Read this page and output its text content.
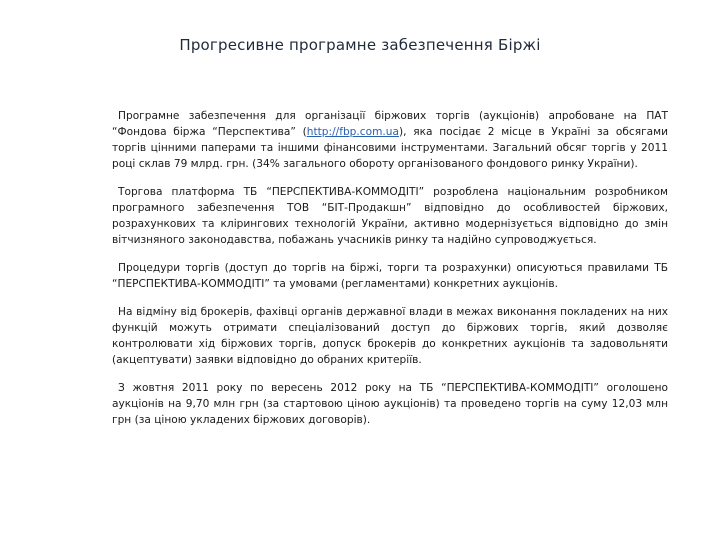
Прогресивне програмне забезпечення Біржі

Програмне забезпечення для організації біржових торгів (аукціонів) апробоване на ПАТ “Фондова біржа “Перспектива” (http://fbp.com.ua), яка посідає 2 місце в Україні за обсягами торгів цінними паперами та іншими фінансовими інструментами. Загальний обсяг торгів у 2011 році склав 79 млрд. грн. (34% загального обороту організованого фондового ринку України).

Торгова платформа ТБ “ПЕРСПЕКТИВА-КОММОДІТІ” розроблена національним розробником програмного забезпечення ТОВ “БІТ-Продакшн” відповідно до особливостей біржових, розрахункових та клірингових технологій України, активно модернізується відповідно до змін вітчизняного законодавства, побажань учасників ринку та надійно супроводжується.

Процедури торгів (доступ до торгів на біржі, торги та розрахунки) описуються правилами ТБ “ПЕРСПЕКТИВА-КОММОДІТІ” та умовами (регламентами) конкретних аукціонів.

На відміну від брокерів, фахівці органів державної влади в межах виконання покладених на них функцій можуть отримати спеціалізований доступ до біржових торгів, який дозволяє контролювати хід біржових торгів, допуск брокерів до конкретних аукціонів та задовольняти (акцептувати) заявки відповідно до обраних критеріїв.

З жовтня 2011 року по вересень 2012 року на ТБ “ПЕРСПЕКТИВА-КОММОДІТІ” оголошено аукціонів на 9,70 млн грн (за стартовою ціною аукціонів) та проведено торгів на суму 12,03 млн грн (за ціною укладених біржових договорів).
